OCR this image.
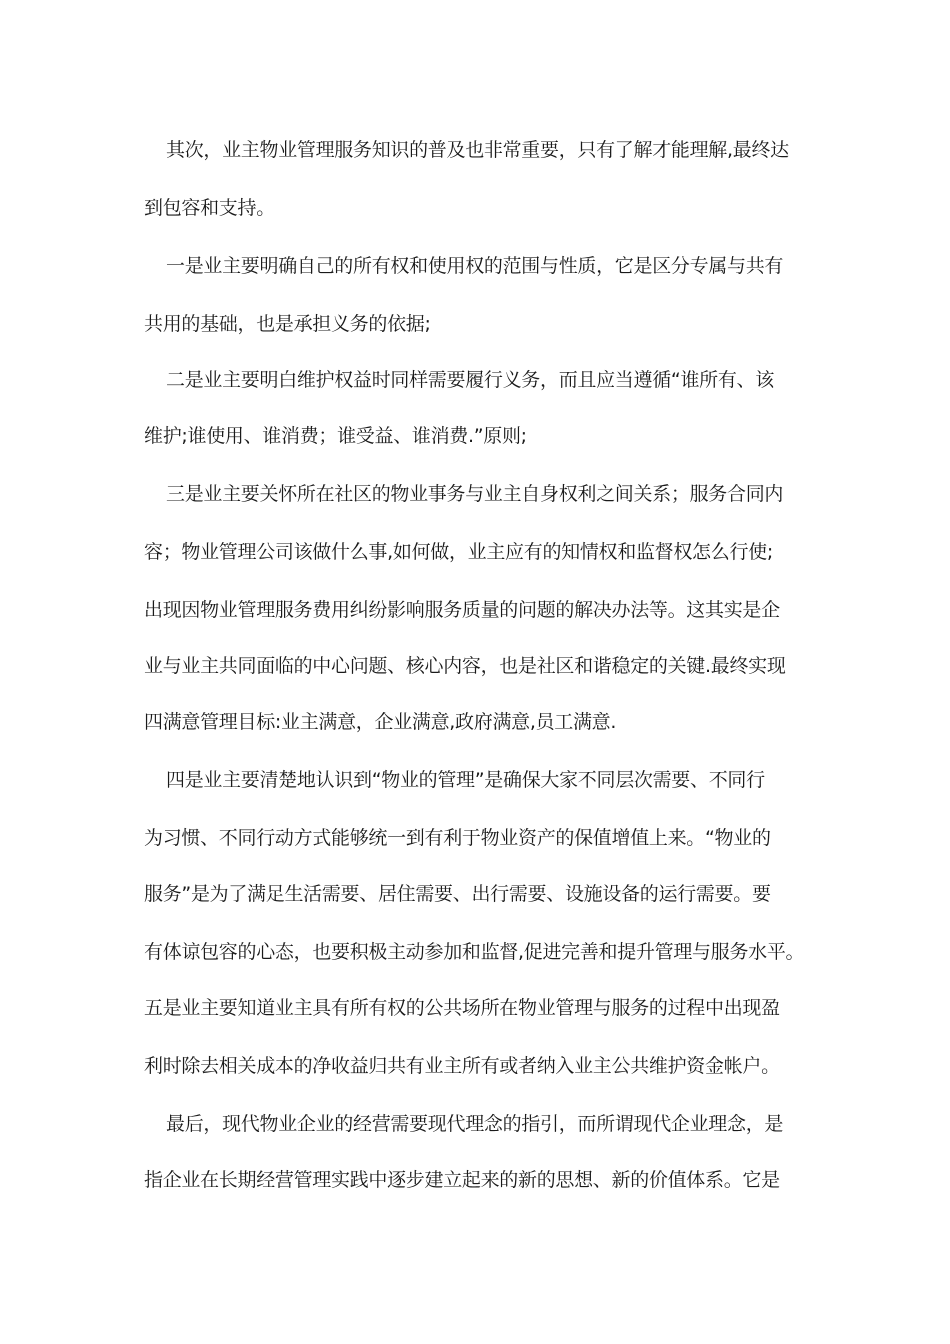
其次，业主物业管理服务知识的普及也非常重要，只有了解才能理解,最终达

到包容和支持。

一是业主要明确自己的所有权和使用权的范围与性质，它是区分专属与共有

共用的基础，也是承担义务的依据;

二是业主要明白维护权益时同样需要履行义务，而且应当遵循“谁所有、该

维护;谁使用、谁消费；谁受益、谁消费.”原则;

三是业主要关怀所在社区的物业事务与业主自身权利之间关系；服务合同内

容；物业管理公司该做什么事,如何做，业主应有的知情权和监督权怎么行使;

出现因物业管理服务费用纠纷影响服务质量的问题的解决办法等。这其实是企

业与业主共同面临的中心问题、核心内容，也是社区和谐稳定的关键.最终实现

四满意管理目标:业主满意，企业满意,政府满意,员工满意.

四是业主要清楚地认识到“物业的管理”是确保大家不同层次需要、不同行

为习惯、不同行动方式能够统一到有利于物业资产的保值增值上来。“物业的

服务”是为了满足生活需要、居住需要、出行需要、设施设备的运行需要。要

有体谅包容的心态，也要积极主动参加和监督,促进完善和提升管理与服务水平。

五是业主要知道业主具有所有权的公共场所在物业管理与服务的过程中出现盈

利时除去相关成本的净收益归共有业主所有或者纳入业主公共维护资金帐户。

最后，现代物业企业的经营需要现代理念的指引，而所谓现代企业理念，是

指企业在长期经营管理实践中逐步建立起来的新的思想、新的价值体系。它是
